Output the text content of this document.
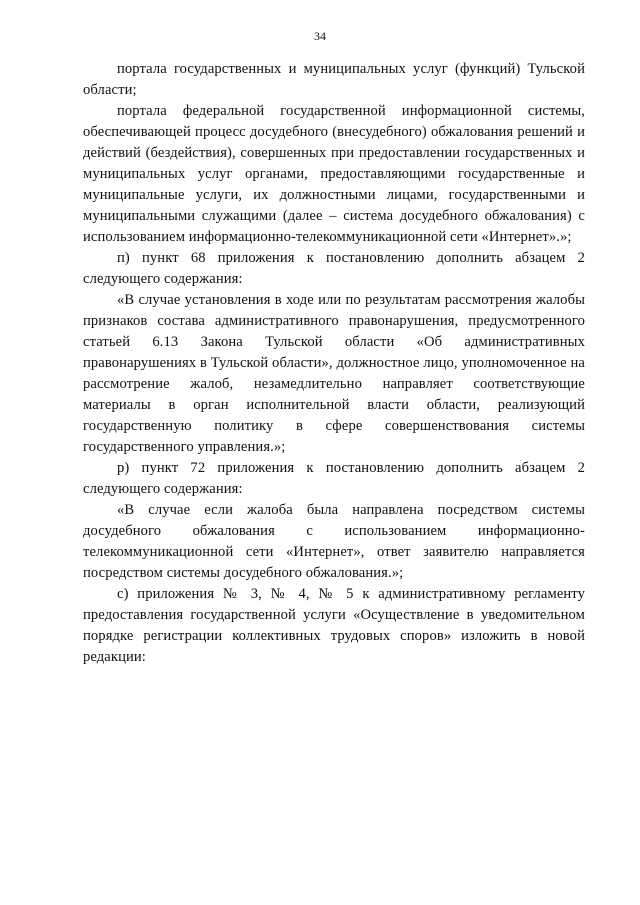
34

портала государственных и муниципальных услуг (функций) Тульской области;

портала федеральной государственной информационной системы, обеспечивающей процесс досудебного (внесудебного) обжалования решений и действий (бездействия), совершенных при предоставлении государственных и муниципальных услуг органами, предоставляющими государственные и муниципальные услуги, их должностными лицами, государственными и муниципальными служащими (далее – система досудебного обжалования) с использованием информационно-телекоммуникационной сети «Интернет».»;

п) пункт 68 приложения к постановлению дополнить абзацем 2 следующего содержания:

«В случае установления в ходе или по результатам рассмотрения жалобы признаков состава административного правонарушения, предусмотренного статьей 6.13 Закона Тульской области «Об административных правонарушениях в Тульской области», должностное лицо, уполномоченное на рассмотрение жалоб, незамедлительно направляет соответствующие материалы в орган исполнительной власти области, реализующий государственную политику в сфере совершенствования системы государственного управления.»;

р) пункт 72 приложения к постановлению дополнить абзацем 2 следующего содержания:

«В случае если жалоба была направлена посредством системы досудебного обжалования с использованием информационно-телекоммуникационной сети «Интернет», ответ заявителю направляется посредством системы досудебного обжалования.»;

с) приложения № 3, № 4, № 5 к административному регламенту предоставления государственной услуги «Осуществление в уведомительном порядке регистрации коллективных трудовых споров» изложить в новой редакции:
